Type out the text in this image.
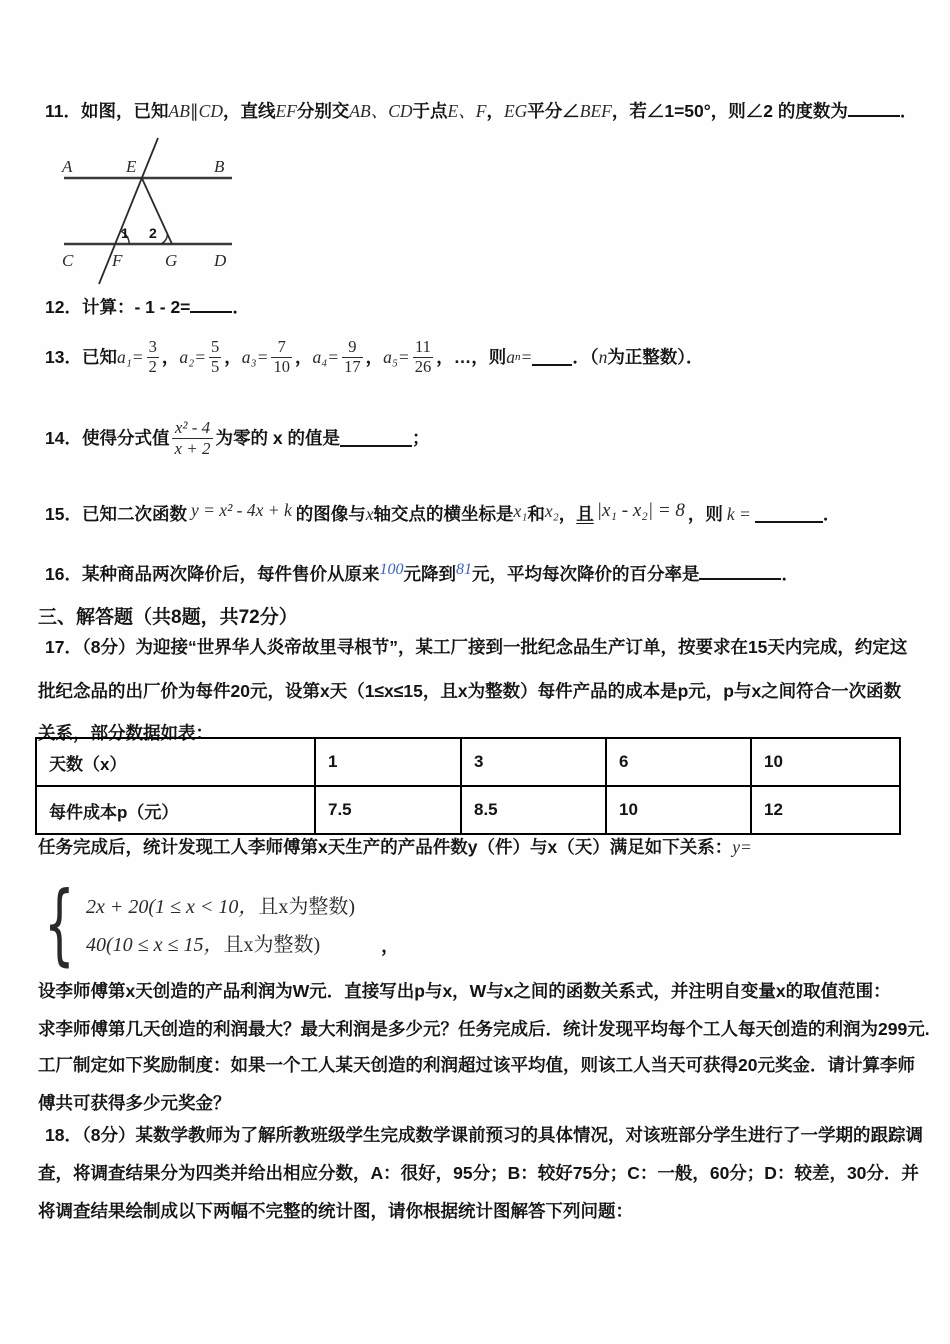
11．如图，已知AB∥CD，直线EF分别交AB、CD于点E、F，EG平分∠BEF，若∠1=50°，则∠2 的度数为	．
A	E	B
C F	G D
1 2
12．计算：- 1 - 2= ．
13．已知 $a_1= \frac{3}{2}$ ， $a_2= \frac{5}{5}$ ， $a_3= \frac{7}{10}$ ， $a_4= \frac{9}{17}$ ， $a_5= \frac{11}{26}$ ，…，则 a n = ．（ n 为正整数）．
14．使得分式值 $\frac{\text{x² - 4}}{x + 2}$ 为零的 x 的值是	；
15．已知二次函数 y = x² - 4x + k 的图像与 x 轴交点的横坐标是 x₁ 和 x₂ ， 且 |x₁ - x₂| = 8 ，则 k =	．
16．某种商品两次降价后，每件售价从原来100元降到81元，平均每次降价的百分率是	．
三、解答题（共8题，共72分）
17．（8分）为迎接“世界华人炎帝故里寻根节”，某工厂接到一批纪念品生产订单，按要求在15天内完成，约定这
批纪念品的出厂价为每件20元，设第x天（1≤x≤15，且x为整数）每件产品的成本是p元，p与x之间符合一次函数
关系，部分数据如表：
天数（x）	1	3	6	10
每件成本p（元）	7.5	8.5	10	12
任务完成后，统计发现工人李师傅第x天生产的产品件数y（件）与x（天）满足如下关系：y=
{ 2x + 20(1 ≤ x < 10，且x为整数)
40(10 ≤ x ≤ 15，且x为整数)	，
设李师傅第x天创造的产品利润为W元．直接写出p与x，W与x之间的函数关系式，并注明自变量x的取值范围：
求李师傅第几天创造的利润最大？最大利润是多少元？任务完成后．统计发现平均每个工人每天创造的利润为299元.
工厂制定如下奖励制度：如果一个工人某天创造的利润超过该平均值，则该工人当天可获得20元奖金．请计算李师
傅共可获得多少元奖金？
18．（8分）某数学教师为了解所教班级学生完成数学课前预习的具体情况，对该班部分学生进行了一学期的跟踪调
查，将调查结果分为四类并给出相应分数，A：很好，95分；B：较好75分；C：一般，60分；D：较差，30分．并
将调查结果绘制成以下两幅不完整的统计图，请你根据统计图解答下列问题：
